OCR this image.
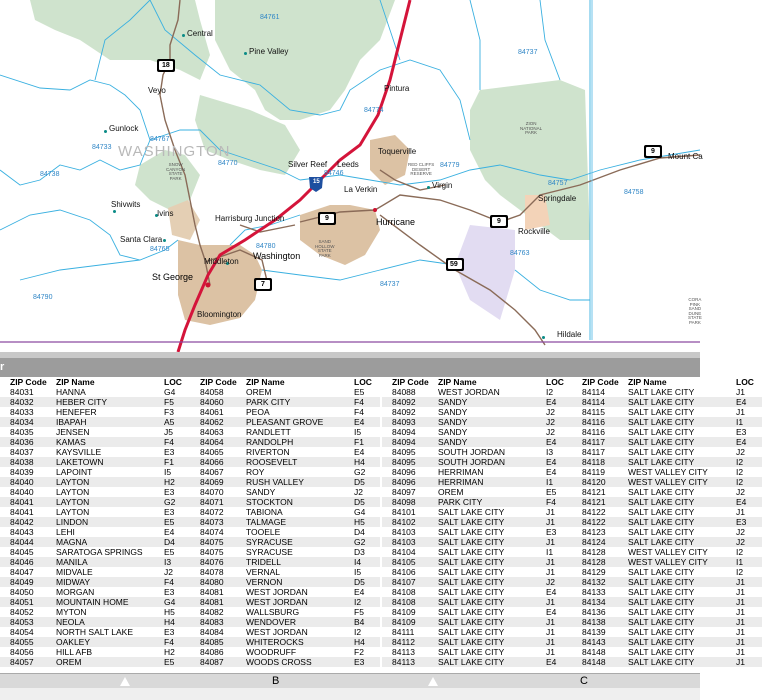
18
9	9
9
59
7
15
WASHINGTON
Central
Pine Valley
Veyo
Gunlock
Pintura
Silver Reef Leeds
Toquerville
La Verkin	Virgin
Mount Ca
Springdale
Rockville
Shivwits
Ivins
Santa Clara
Harrisburg Junction	Hurricane
Middleton
Washington
St George
Bloomington
Hildale
84761
84737
84774
84770
84738	84746
84779
84757
84758
84763
84780
84765
84737
84790
84733
84767
ZION
NATIONAL
PARK
SNOW
CANYON
STATE
PARK
SAND
HOLLOW
STATE
PARK
RED CLIFFS
DESERT
RESERVE
CORA
PINK
SAND
DUNE
STATE
PARK
r
ZIP Code ZIP Name	LOC
84031	HANNA	G4
84032	HEBER CITY	F5
84033	HENEFER	F3
84034	IBAPAH	A5
84035	JENSEN	J5
84036	KAMAS	F4
84037	KAYSVILLE	E3
84038	LAKETOWN	F1
84039	LAPOINT	I5
84040	LAYTON	H2
84040	LAYTON	E3
84041	LAYTON	G2
84041	LAYTON	E3
84042	LINDON	E5
84043	LEHI	E4
84044	MAGNA	D4
84045	SARATOGA SPRINGS	E5
84046	MANILA	I3
84047	MIDVALE	J2
84049	MIDWAY	F4
84050	MORGAN	E3
84051	MOUNTAIN HOME	G4
84052	MYTON	H5
84053	NEOLA	H4
84054	NORTH SALT LAKE	E3
84055	OAKLEY	F4
84056	HILL AFB	H2
84057	OREM	E5
ZIP Code ZIP Name	LOC
84058	OREM	E5
84060	PARK CITY	F4
84061	PEOA	F4
84062	PLEASANT GROVE	E4
84063	RANDLETT	I5
84064	RANDOLPH	F1
84065	RIVERTON	E4
84066	ROOSEVELT	H4
84067	ROY	G2
84069	RUSH VALLEY	D5
84070	SANDY	J2
84071	STOCKTON	D5
84072	TABIONA	G4
84073	TALMAGE	H5
84074	TOOELE	D4
84075	SYRACUSE	G2
84075	SYRACUSE	D3
84076	TRIDELL	I4
84078	VERNAL	I5
84080	VERNON	D5
84081	WEST JORDAN	E4
84081	WEST JORDAN	I2
84082	WALLSBURG	F5
84083	WENDOVER	B4
84084	WEST JORDAN	I2
84085	WHITEROCKS	H4
84086	WOODRUFF	F2
84087	WOODS CROSS	E3
ZIP Code ZIP Name	LOC
84088	WEST JORDAN	I2
84092	SANDY	E4
84092	SANDY	J2
84093	SANDY	J2
84094	SANDY	J2
84094	SANDY	E4
84095	SOUTH JORDAN	I3
84095	SOUTH JORDAN	E4
84096	HERRIMAN	E4
84096	HERRIMAN	I1
84097	OREM	E5
84098	PARK CITY	F4
84101	SALT LAKE CITY	J1
84102	SALT LAKE CITY	J1
84103	SALT LAKE CITY	E3
84103	SALT LAKE CITY	J1
84104	SALT LAKE CITY	I1
84105	SALT LAKE CITY	J1
84106	SALT LAKE CITY	J1
84107	SALT LAKE CITY	J2
84108	SALT LAKE CITY	E4
84108	SALT LAKE CITY	J1
84109	SALT LAKE CITY	E4
84109	SALT LAKE CITY	J1
84111	SALT LAKE CITY	J1
84112	SALT LAKE CITY	J1
84113	SALT LAKE CITY	J1
84113	SALT LAKE CITY	E4
ZIP Code ZIP Name	LOC
84114	SALT LAKE CITY	J1
84114	SALT LAKE CITY	E4
84115	SALT LAKE CITY	J1
84116	SALT LAKE CITY	I1
84116	SALT LAKE CITY	E3
84117	SALT LAKE CITY	E4
84117	SALT LAKE CITY	J2
84118	SALT LAKE CITY	I2
84119	WEST VALLEY CITY	I2
84120	WEST VALLEY CITY	I2
84121	SALT LAKE CITY	J2
84121	SALT LAKE CITY	E4
84122	SALT LAKE CITY	J1
84122	SALT LAKE CITY	E3
84123	SALT LAKE CITY	J2
84124	SALT LAKE CITY	J2
84128	WEST VALLEY CITY	I2
84128	WEST VALLEY CITY	I1
84129	SALT LAKE CITY	I2
84132	SALT LAKE CITY	J1
84133	SALT LAKE CITY	J1
84134	SALT LAKE CITY	J1
84136	SALT LAKE CITY	J1
84138	SALT LAKE CITY	J1
84139	SALT LAKE CITY	J1
84143	SALT LAKE CITY	J1
84148	SALT LAKE CITY	J1
84148	SALT LAKE CITY	J1
B	C
